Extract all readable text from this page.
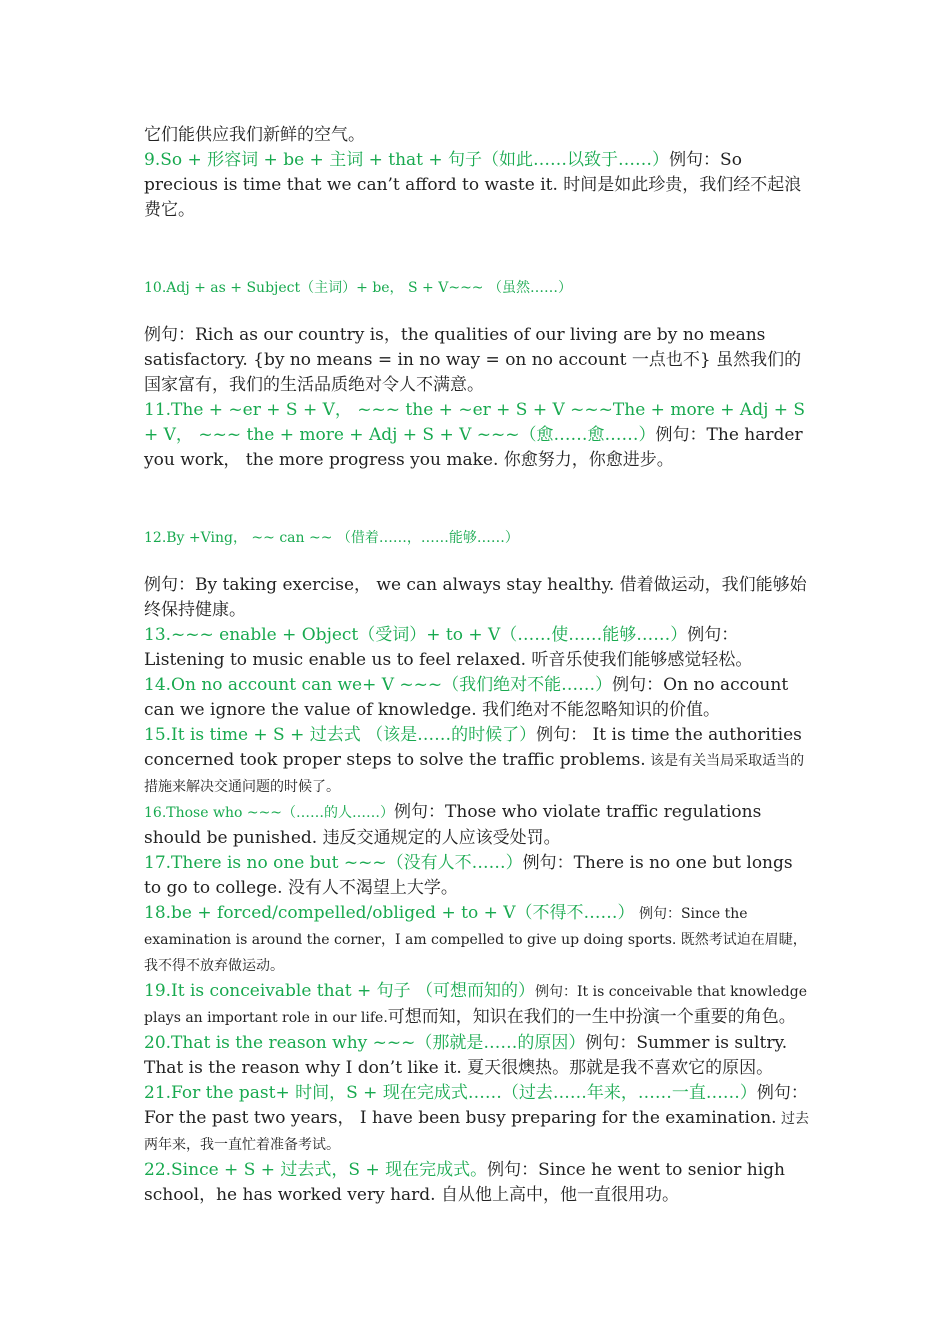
它们能供应我们新鲜的空气。

9.So + 形容词 + be + 主词 + that + 句子（如此……以致于……）例句：So precious is time that we can’t afford to waste it. 时间是如此珍贵，我们经不起浪费它。

10.Adj + as + Subject（主词）+ be， S + V~~~ （虽然……）

例句：Rich as our country is，the qualities of our living are by no means satisfactory. {by no means = in no way = on no account 一点也不} 虽然我们的国家富有，我们的生活品质绝对令人不满意。

11.The + ~er + S + V， ~~~ the + ~er + S + V ~~~The + more + Adj + S + V， ~~~ the + more + Adj + S + V ~~~（愈……愈……）例句：The harder you work， the more progress you make. 你愈努力，你愈进步。

12.By +Ving， ~~ can ~~ （借着……，……能够……）

例句：By taking exercise， we can always stay healthy. 借着做运动，我们能够始终保持健康。

13.~~~ enable + Object（受词）+ to + V（……使……能够……）例句：Listening to music enable us to feel relaxed. 听音乐使我们能够感觉轻松。

14.On no account can we+ V ~~~（我们绝对不能……）例句：On no account can we ignore the value of knowledge. 我们绝对不能忽略知识的价值。

15.It is time + S + 过去式 （该是……的时候了）例句： It is time the authorities concerned took proper steps to solve the traffic problems. 该是有关当局采取适当的措施来解决交通问题的时候了。

16.Those who ~~~（……的人……）例句：Those who violate traffic regulations should be punished. 违反交通规定的人应该受处罚。

17.There is no one but ~~~（没有人不……）例句：There is no one but longs to go to college. 没有人不渴望上大学。

18.be + forced/compelled/obliged + to + V（不得不……） 例句：Since the examination is around the corner，I am compelled to give up doing sports. 既然考试迫在眉睫，我不得不放弃做运动。

19.It is conceivable that + 句子 （可想而知的）例句：It is conceivable that knowledge plays an important role in our life.可想而知，知识在我们的一生中扮演一个重要的角色。

20.That is the reason why ~~~（那就是……的原因）例句：Summer is sultry. That is the reason why I don’t like it. 夏天很燠热。那就是我不喜欢它的原因。

21.For the past+ 时间，S + 现在完成式……（过去……年来，……一直……）例句：For the past two years， I have been busy preparing for the examination. 过去两年来，我一直忙着准备考试。

22.Since + S + 过去式，S + 现在完成式。例句：Since he went to senior high school，he has worked very hard. 自从他上高中，他一直很用功。
